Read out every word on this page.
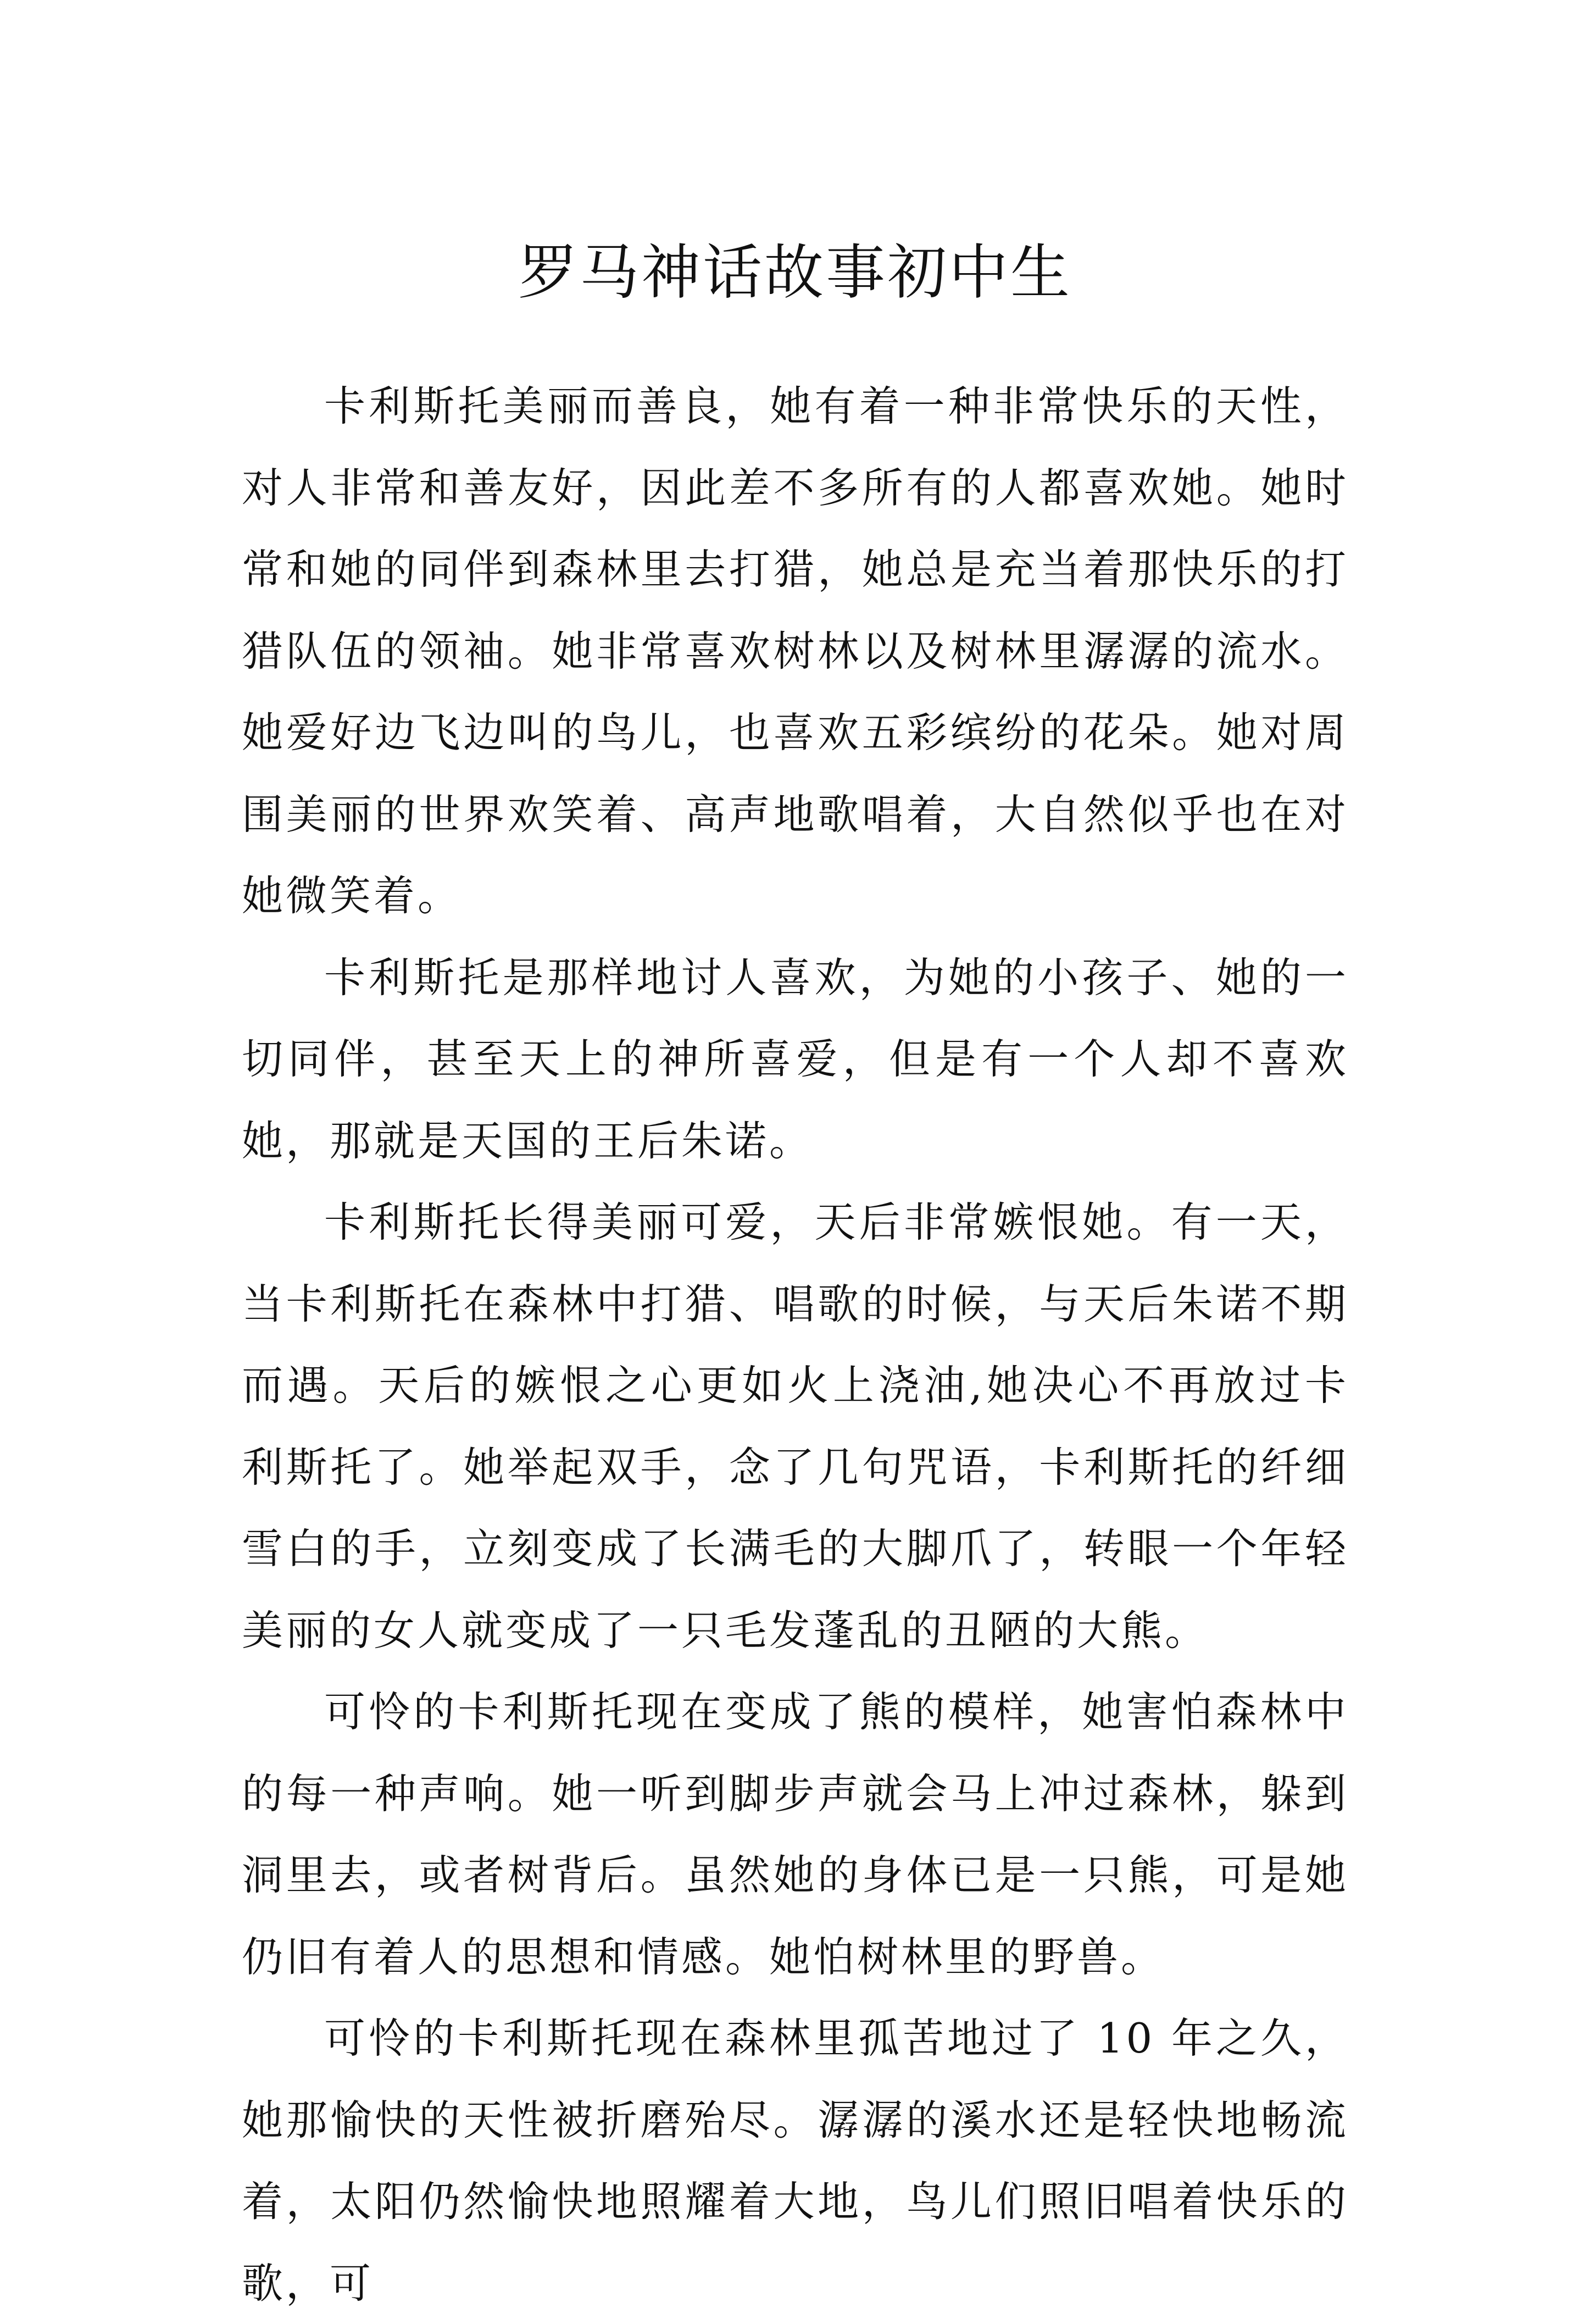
罗马神话故事初中生

卡利斯托美丽而善良，她有着一种非常快乐的天性，对人非常和善友好，因此差不多所有的人都喜欢她。她时常和她的同伴到森林里去打猎，她总是充当着那快乐的打猎队伍的领袖。她非常喜欢树林以及树林里潺潺的流水。她爱好边飞边叫的鸟儿，也喜欢五彩缤纷的花朵。她对周围美丽的世界欢笑着、高声地歌唱着，大自然似乎也在对她微笑着。

卡利斯托是那样地讨人喜欢，为她的小孩子、她的一切同伴，甚至天上的神所喜爱，但是有一个人却不喜欢她，那就是天国的王后朱诺。

卡利斯托长得美丽可爱，天后非常嫉恨她。有一天，当卡利斯托在森林中打猎、唱歌的时候，与天后朱诺不期而遇。天后的嫉恨之心更如火上浇油,她决心不再放过卡利斯托了。她举起双手，念了几句咒语，卡利斯托的纤细雪白的手，立刻变成了长满毛的大脚爪了，转眼一个年轻美丽的女人就变成了一只毛发蓬乱的丑陋的大熊。

可怜的卡利斯托现在变成了熊的模样，她害怕森林中的每一种声响。她一听到脚步声就会马上冲过森林，躲到洞里去，或者树背后。虽然她的身体已是一只熊，可是她仍旧有着人的思想和情感。她怕树林里的野兽。

可怜的卡利斯托现在森林里孤苦地过了 10 年之久，她那愉快的天性被折磨殆尽。潺潺的溪水还是轻快地畅流着，太阳仍然愉快地照耀着大地，鸟儿们照旧唱着快乐的歌，可
